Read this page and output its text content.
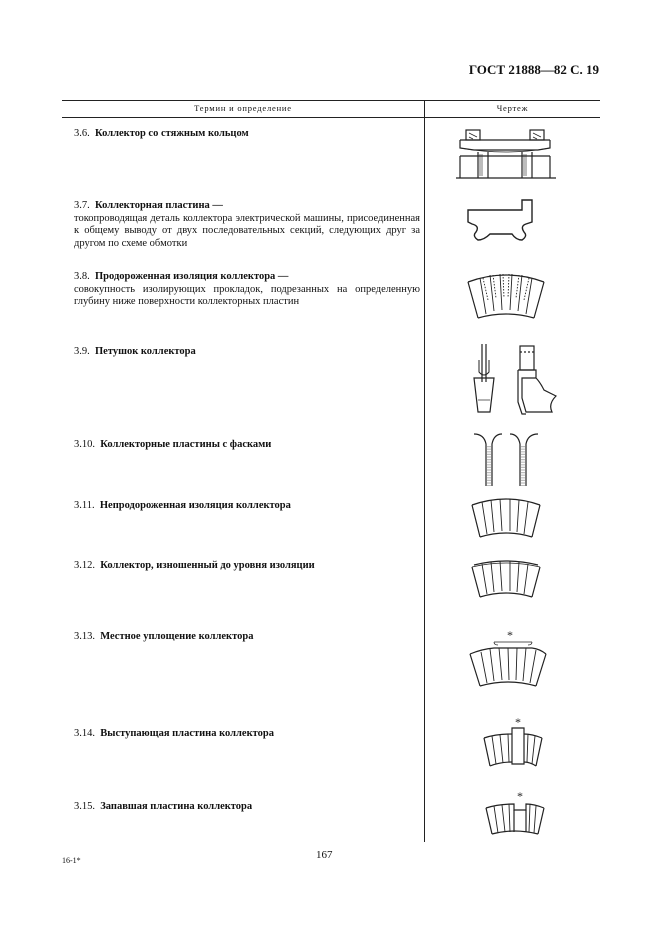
ГОСТ 21888—82 С. 19
Термин и определение	Чертеж
3.6. Коллектор со стяжным кольцом
3.7. Коллекторная пластина —
токопроводящая деталь коллектора электрической машины, присоединенная к общему выводу от двух последовательных секций, следующих друг за другом по схеме обмотки
3.8. Продороженная изоляция коллектора —
совокупность изолирующих прокладок, подрезанных на определенную глубину ниже поверхности коллекторных пластин
3.9. Петушок коллектора
3.10. Коллекторные пластины с фасками
3.11. Непродороженная изоляция коллектора
3.12. Коллектор, изношенный до уровня изоляции
3.13. Местное уплощение коллектора
3.14. Выступающая пластина коллектора
3.15. Запавшая пластина коллектора
*
*
*
16-1*	167
